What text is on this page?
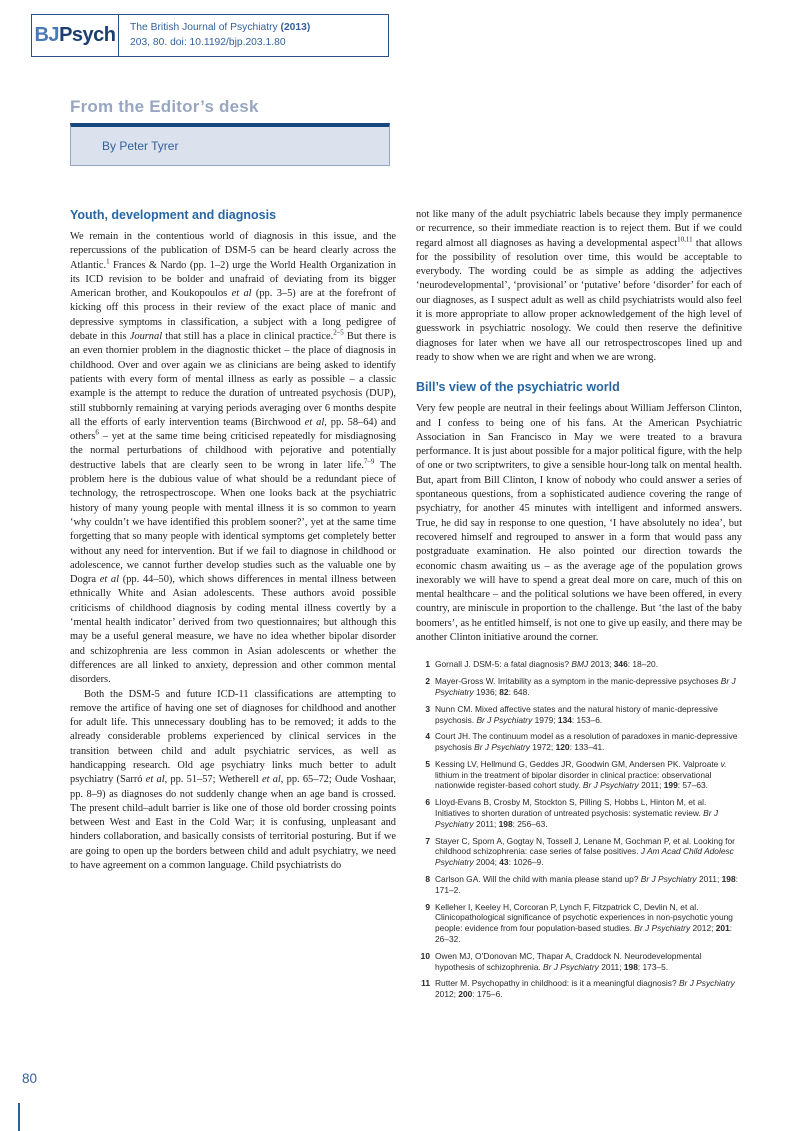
BJ Psych The British Journal of Psychiatry (2013)
203, 80. doi: 10.1192/bjp.203.1.80
From the Editor’s desk
By Peter Tyrer
Youth, development and diagnosis

We remain in the contentious world of diagnosis in this issue, and the repercussions of the publication of DSM-5 can be heard clearly across the Atlantic.$^1$ Frances & Nardo (pp. 1–2) urge the World Health Organization in its ICD revision to be bolder and unafraid of deviating from its bigger American brother, and Koukopoulos et al (pp. 3–5) are at the forefront of kicking off this process in their review of the exact place of manic and depressive symptoms in classification, a subject with a long pedigree of debate in this Journal that still has a place in clinical practice.$^{2-5}$ But there is an even thornier problem in the diagnostic thicket – the place of diagnosis in childhood. Over and over again we as clinicians are being asked to identify patients with every form of mental illness as early as possible – a classic example is the attempt to reduce the duration of untreated psychosis (DUP), still stubbornly remaining at varying periods averaging over 6 months despite all the efforts of early intervention teams (Birchwood et al, pp. 58–64) and others$^6$ – yet at the same time being criticised repeatedly for misdiagnosing the normal perturbations of childhood with pejorative and potentially destructive labels that are clearly seen to be wrong in later life.$^{7-9}$ The problem here is the dubious value of what should be a redundant piece of technology, the retrospectroscope. When one looks back at the psychiatric history of many young people with mental illness it is so common to yearn ‘why couldn’t we have identified this problem sooner?’, yet at the same time forgetting that so many people with identical symptoms get completely better without any need for intervention. But if we fail to diagnose in childhood or adolescence, we cannot further develop studies such as the valuable one by Dogra et al (pp. 44–50), which shows differences in mental illness between ethnically White and Asian adolescents. These authors avoid possible criticisms of childhood diagnosis by coding mental illness covertly by a ‘mental health indicator’ derived from two questionnaires; but although this may be a useful general measure, we have no idea whether bipolar disorder and schizophrenia are less common in Asian adolescents or whether the differences are all linked to anxiety, depression and other common mental disorders.

Both the DSM-5 and future ICD-11 classifications are attempting to remove the artifice of having one set of diagnoses for childhood and another for adult life. This unnecessary doubling has to be removed; it adds to the already considerable problems experienced by clinical services in the transition between child and adult psychiatric services, as well as handicapping research. Old age psychiatry links much better to adult psychiatry (Sarró et al, pp. 51–57; Wetherell et al, pp. 65–72; Oude Voshaar, pp. 8–9) as diagnoses do not suddenly change when an age band is crossed. The present child–adult barrier is like one of those old border crossing points between West and East in the Cold War; it is confusing, unpleasant and hinders collaboration, and basically consists of territorial posturing. But if we are going to open up the borders between child and adult psychiatry, we need to have agreement on a common language. Child psychiatrists do

not like many of the adult psychiatric labels because they imply permanence or recurrence, so their immediate reaction is to reject them. But if we could regard almost all diagnoses as having a developmental aspect$^{10,11}$ that allows for the possibility of resolution over time, this would be acceptable to everybody. The wording could be as simple as adding the adjectives ‘neurodevelopmental’, ‘provisional’ or ‘putative’ before ‘disorder’ for each of our diagnoses, as I suspect adult as well as child psychiatrists would also feel it is more appropriate to allow proper acknowledgement of the high level of guesswork in psychiatric nosology. We could then reserve the definitive diagnoses for later when we have all our retrospectroscopes lined up and ready to show when we are right and when we are wrong.

Bill’s view of the psychiatric world

Very few people are neutral in their feelings about William Jefferson Clinton, and I confess to being one of his fans. At the American Psychiatric Association in San Francisco in May we were treated to a bravura performance. It is just about possible for a major political figure, with the help of one or two scriptwriters, to give a sensible hour-long talk on mental health. But, apart from Bill Clinton, I know of nobody who could answer a series of spontaneous questions, from a sophisticated audience covering the range of psychiatry, for another 45 minutes with intelligent and informed answers. True, he did say in response to one question, ‘I have absolutely no idea’, but recovered himself and regrouped to answer in a form that would pass any postgraduate examination. He also pointed our direction towards the economic chasm awaiting us – as the average age of the population grows inexorably we will have to spend a great deal more on care, much of this on mental healthcare – and the political solutions we have been offered, in every country, are miniscule in proportion to the challenge. But ‘the last of the baby boomers’, as he entitled himself, is not one to give up easily, and there may be another Clinton initiative around the corner.

1 Gornall J. DSM-5: a fatal diagnosis? BMJ 2013; 346: 18–20.
2 Mayer-Gross W. Irritability as a symptom in the manic-depressive psychoses Br J Psychiatry 1936; 82: 648.
3 Nunn CM. Mixed affective states and the natural history of manic-depressive psychosis. Br J Psychiatry 1979; 134: 153–6.
4 Court JH. The continuum model as a resolution of paradoxes in manic-depressive psychosis Br J Psychiatry 1972; 120: 133–41.
5 Kessing LV, Hellmund G, Geddes JR, Goodwin GM, Andersen PK. Valproate v. lithium in the treatment of bipolar disorder in clinical practice: observational nationwide register-based cohort study. Br J Psychiatry 2011; 199: 57–63.
6 Lloyd-Evans B, Crosby M, Stockton S, Pilling S, Hobbs L, Hinton M, et al. Initiatives to shorten duration of untreated psychosis: systematic review. Br J Psychiatry 2011; 198: 256–63.
7 Stayer C, Sporn A, Gogtay N, Tossell J, Lenane M, Gochman P, et al. Looking for childhood schizophrenia: case series of false positives. J Am Acad Child Adolesc Psychiatry 2004; 43: 1026–9.
8 Carlson GA. Will the child with mania please stand up? Br J Psychiatry 2011; 198: 171–2.
9 Kelleher I, Keeley H, Corcoran P, Lynch F, Fitzpatrick C, Devlin N, et al. Clinicopathological significance of psychotic experiences in non-psychotic young people: evidence from four population-based studies. Br J Psychiatry 2012; 201: 26–32.
10 Owen MJ, O’Donovan MC, Thapar A, Craddock N. Neurodevelopmental hypothesis of schizophrenia. Br J Psychiatry 2011; 198: 173–5.
11 Rutter M. Psychopathy in childhood: is it a meaningful diagnosis? Br J Psychiatry 2012; 200: 175–6.
80
